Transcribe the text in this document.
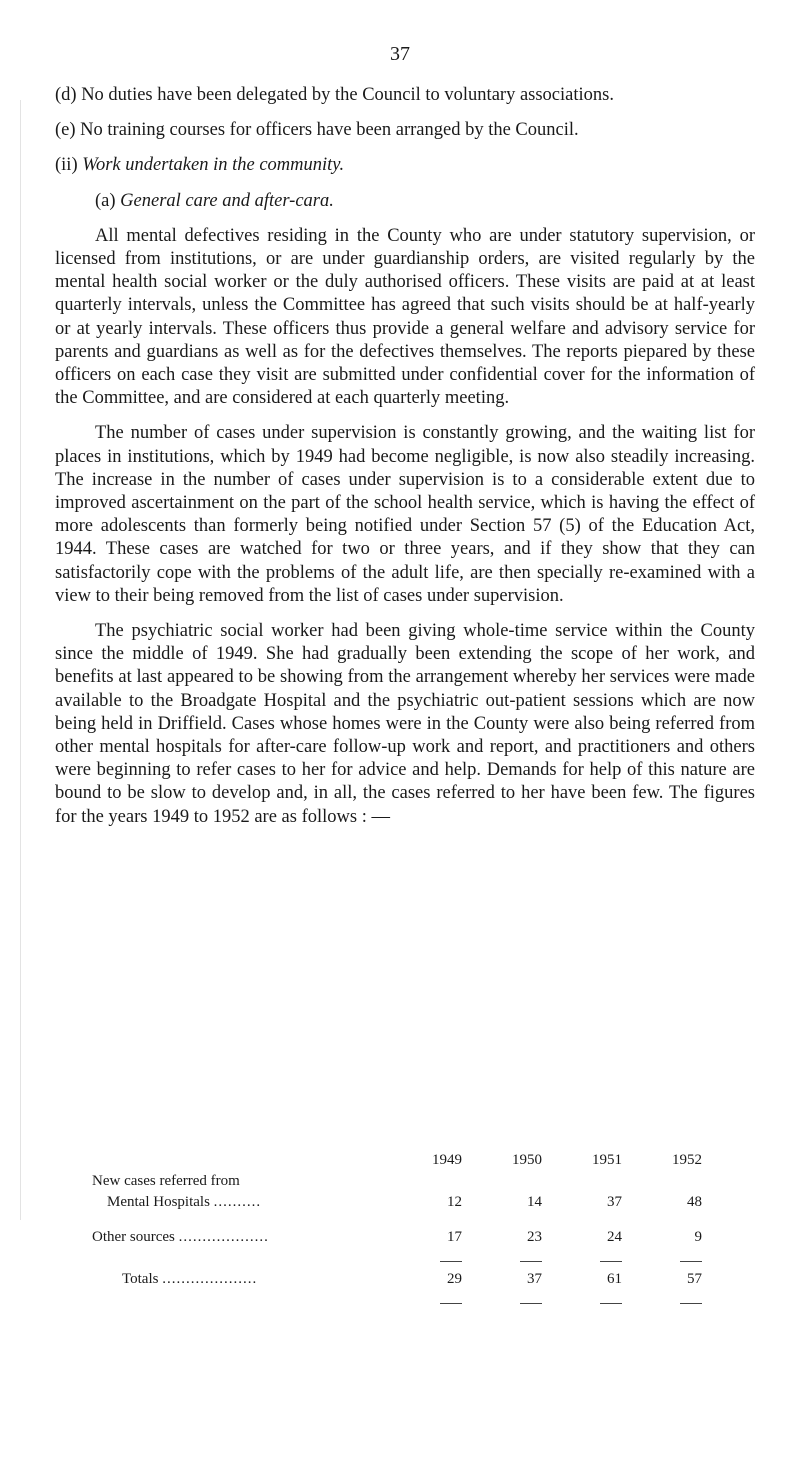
37

(d) No duties have been delegated by the Council to voluntary associations.

(e) No training courses for officers have been arranged by the Council.

(ii) Work undertaken in the community.

(a) General care and after-carɑ.

All mental defectives residing in the County who are under statutory supervision, or licensed from institutions, or are under guardianship orders, are visited regularly by the mental health social worker or the duly authorised officers. These visits are paid at at least quarterly intervals, unless the Committee has agreed that such visits should be at half-yearly or at yearly intervals. These officers thus provide a general welfare and advisory service for parents and guardians as well as for the defectives themselves. The reports piepared by these officers on each case they visit are submitted under confidential cover for the information of the Committee, and are considered at each quarterly meeting.

The number of cases under supervision is constantly growing, and the waiting list for places in institutions, which by 1949 had become negligible, is now also steadily increasing. The increase in the number of cases under supervision is to a considerable extent due to improved ascertainment on the part of the school health service, which is having the effect of more adolescents than formerly being notified under Section 57 (5) of the Education Act, 1944. These cases are watched for two or three years, and if they show that they can satisfactorily cope with the problems of the adult life, are then specially re-examined with a view to their being removed from the list of cases under supervision.

The psychiatric social worker had been giving whole-time service within the County since the middle of 1949. She had gradually been extending the scope of her work, and benefits at last appeared to be showing from the arrangement whereby her services were made available to the Broadgate Hospital and the psychiatric out-patient sessions which are now being held in Driffield. Cases whose homes were in the County were also being referred from other mental hospitals for after-care follow-up work and report, and practitioners and others were beginning to refer cases to her for advice and help. Demands for help of this nature are bound to be slow to develop and, in all, the cases referred to her have been few. The figures for the years 1949 to 1952 are as follows : —

	1949	1950	1951	1952
New cases referred from				
Mental Hospitals ..........	12	14	37	48

Other sources ...................	17	23	24	9

Totals ....................	29	37	61	57
